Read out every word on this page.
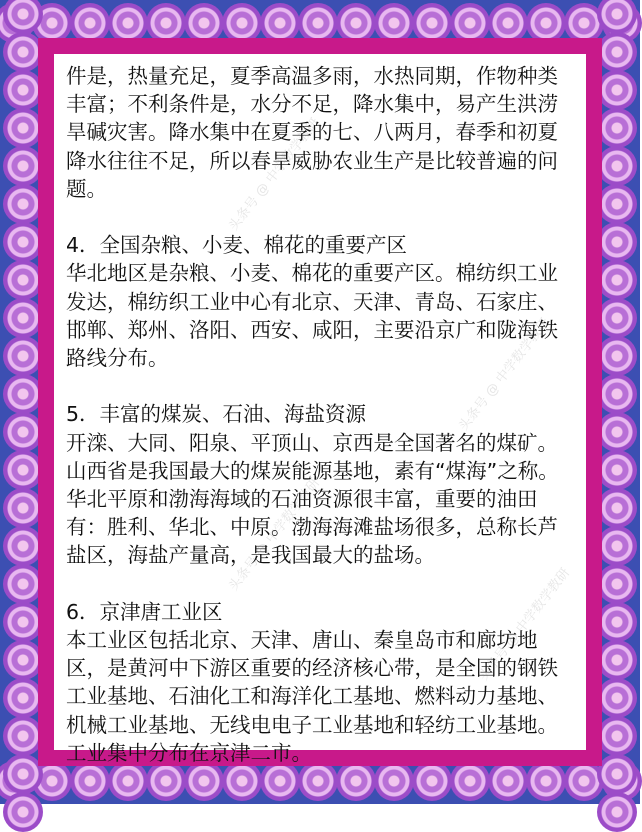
头条号 @ 中学数学教研
头条号 @ 中学数学教研
头条号 @ 中学数学教研
头条号 @ 中学数学教研

件是，热量充足，夏季高温多雨，水热同期，作物种类丰富；不利条件是，水分不足，降水集中，易产生洪涝旱碱灾害。降水集中在夏季的七、八两月，春季和初夏降水往往不足，所以春旱威胁农业生产是比较普遍的问题。

4．全国杂粮、小麦、棉花的重要产区

华北地区是杂粮、小麦、棉花的重要产区。棉纺织工业发达，棉纺织工业中心有北京、天津、青岛、石家庄、邯郸、郑州、洛阳、西安、咸阳，主要沿京广和陇海铁路线分布。

5．丰富的煤炭、石油、海盐资源

开滦、大同、阳泉、平顶山、京西是全国著名的煤矿。山西省是我国最大的煤炭能源基地，素有“煤海”之称。华北平原和渤海海域的石油资源很丰富，重要的油田有：胜利、华北、中原。渤海海滩盐场很多，总称长芦盐区，海盐产量高，是我国最大的盐场。

6．京津唐工业区

本工业区包括北京、天津、唐山、秦皇岛市和廊坊地区，是黄河中下游区重要的经济核心带，是全国的钢铁工业基地、石油化工和海洋化工基地、燃料动力基地、机械工业基地、无线电电子工业基地和轻纺工业基地。工业集中分布在京津二市。
